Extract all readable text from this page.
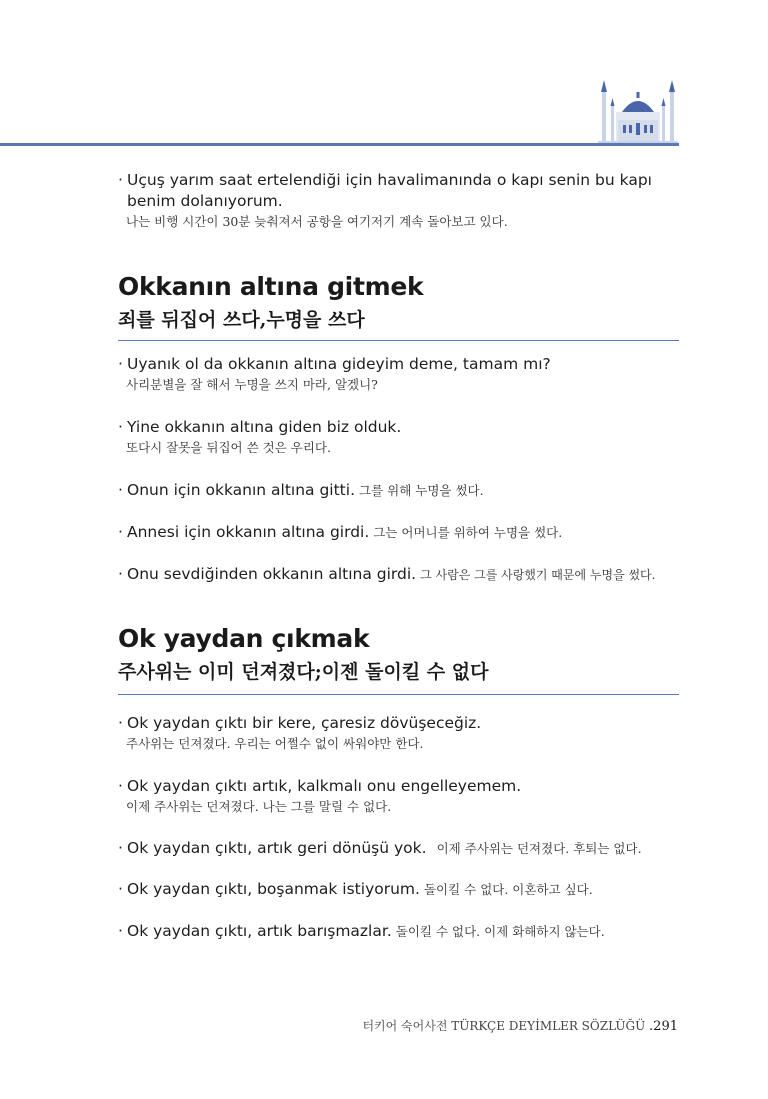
· Uçuş yarım saat ertelendiği için havalimanında o kapı senin bu kapı benim dolanıyorum.
나는 비행 시간이 30분 늦춰져서 공항을 여기저기 계속 돌아보고 있다.
Okkanın altına gitmek
죄를 뒤집어 쓰다,누명을 쓰다
· Uyanık ol da okkanın altına gideyim deme, tamam mı?
사리분별을 잘 해서 누명을 쓰지 마라, 알겠니?
· Yine okkanın altına giden biz olduk.
또다시 잘못을 뒤집어 쓴 것은 우리다.
· Onun için okkanın altına gitti. 그를 위해 누명을 썼다.
· Annesi için okkanın altına girdi. 그는 어머니를 위하여 누명을 썼다.
· Onu sevdiğinden okkanın altına girdi. 그 사람은 그를 사랑했기 때문에 누명을 썼다.
Ok yaydan çıkmak
주사위는 이미 던져졌다;이젠 돌이킬 수 없다
· Ok yaydan çıktı bir kere, çaresiz dövüşeceğiz.
주사위는 던져졌다. 우리는 어쩔수 없이 싸워야만 한다.
· Ok yaydan çıktı artık, kalkmalı onu engelleyemem.
이제 주사위는 던져졌다. 나는 그를 말릴 수 없다.
· Ok yaydan çıktı, artık geri dönüşü yok. 이제 주사위는 던져졌다. 후퇴는 없다.
· Ok yaydan çıktı, boşanmak istiyorum. 돌이킬 수 없다. 이혼하고 싶다.
· Ok yaydan çıktı, artık barışmazlar. 돌이킬 수 없다. 이제 화해하지 않는다.
터키어 숙어사전 TÜRKÇE DEYİMLER SÖZLÜĞÜ .291
